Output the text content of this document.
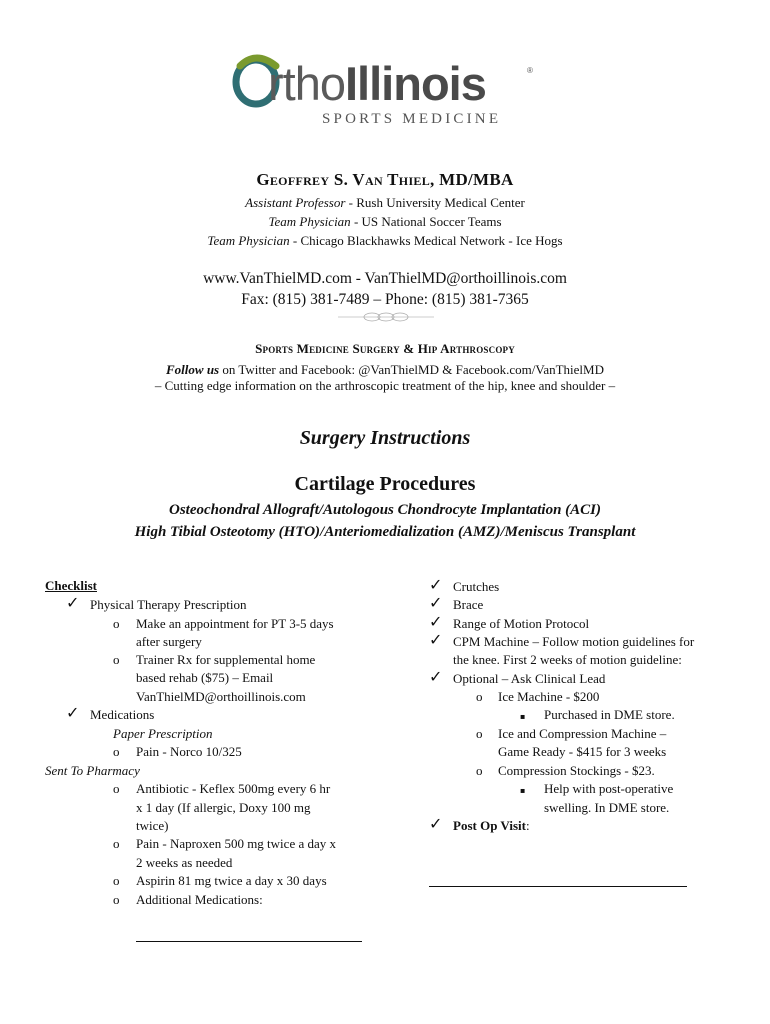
rthoIllinois	®
SPORTS MEDICINE
Geoffrey S. Van Thiel, MD/MBA
Assistant Professor - Rush University Medical Center
Team Physician - US National Soccer Teams
Team Physician - Chicago Blackhawks Medical Network - Ice Hogs
www.VanThielMD.com - VanThielMD@orthoillinois.com
Fax: (815) 381-7489 – Phone: (815) 381-7365
Sports Medicine Surgery & Hip Arthroscopy
Follow us on Twitter and Facebook: @VanThielMD & Facebook.com/VanThielMD
– Cutting edge information on the arthroscopic treatment of the hip, knee and shoulder –
Surgery Instructions
Cartilage Procedures
Osteochondral Allograft/Autologous Chondrocyte Implantation (ACI)
High Tibial Osteotomy (HTO)/Anteriomedialization (AMZ)/Meniscus Transplant
Checklist
✓ Physical Therapy Prescription
o Make an appointment for PT 3-5 days
after surgery
o Trainer Rx for supplemental home
based rehab ($75) – Email
VanThielMD@orthoillinois.com
✓ Medications
Paper Prescription
o Pain - Norco 10/325
Sent To Pharmacy
o Antibiotic - Keflex 500mg every 6 hr
x 1 day (If allergic, Doxy 100 mg
twice)
o Pain - Naproxen 500 mg twice a day x
2 weeks as needed
o Aspirin 81 mg twice a day x 30 days
o Additional Medications:
✓ Crutches
✓ Brace
✓ Range of Motion Protocol
✓ CPM Machine – Follow motion guidelines for
the knee. First 2 weeks of motion guideline:
✓ Optional – Ask Clinical Lead
o Ice Machine - $200
▪ Purchased in DME store.
o Ice and Compression Machine –
Game Ready - $415 for 3 weeks
o Compression Stockings - $23.
▪ Help with post-operative
swelling. In DME store.
✓ Post Op Visit:
